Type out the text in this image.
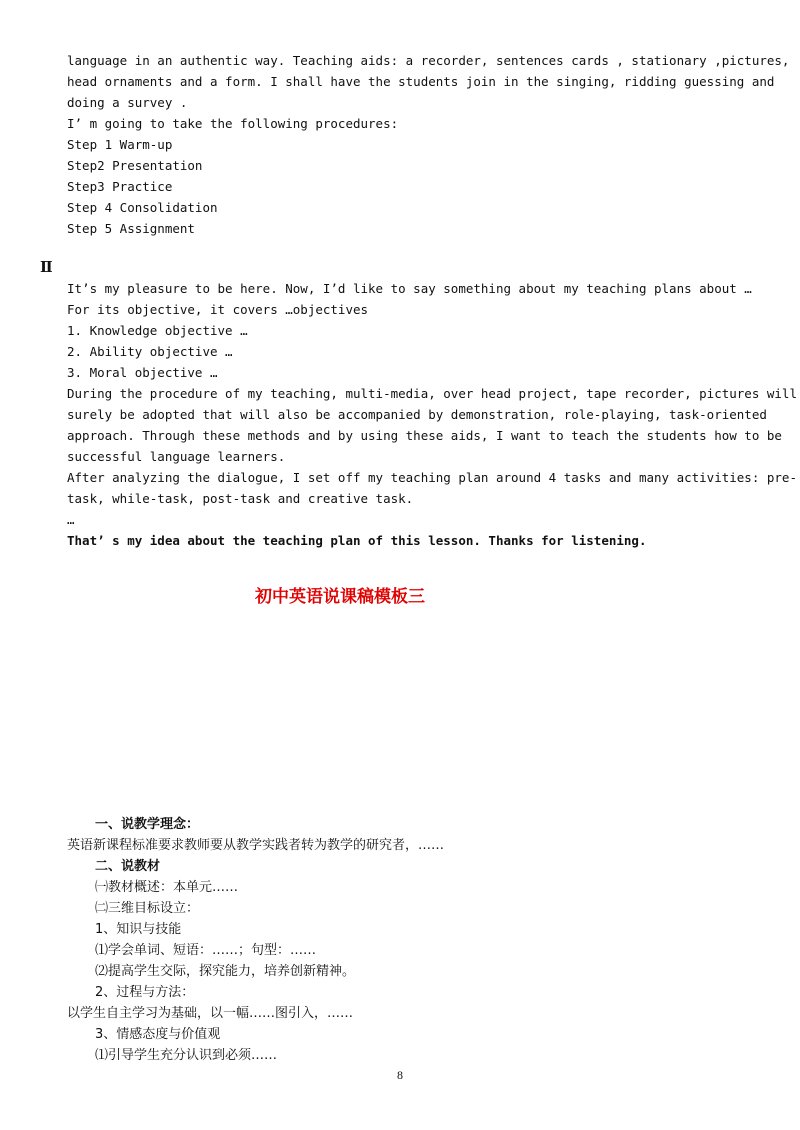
language in an authentic way. Teaching aids: a recorder, sentences cards , stationary ,pictures,

head ornaments and a form. I shall have the students join in the singing, ridding guessing and

doing a survey .

I’ m going to take the following procedures:

Step 1 Warm-up

Step2 Presentation

Step3 Practice

Step 4 Consolidation

Step 5 Assignment

Ⅱ

It’s my pleasure to be here. Now, I’d like to say something about my teaching plans about …

For its objective, it covers …objectives

1. Knowledge objective …

2. Ability objective …

3. Moral objective …

During the procedure of my teaching, multi-media, over head project, tape recorder, pictures will

surely be adopted that will also be accompanied by demonstration, role-playing, task-oriented

approach. Through these methods and by using these aids, I want to teach the students how to be

successful language learners.

After analyzing the dialogue, I set off my teaching plan around 4 tasks and many activities: pre-

task, while-task, post-task and creative task.

…

That’ s my idea about the teaching plan of this lesson. Thanks for listening.

初中英语说课稿模板三

一、说教学理念：

英语新课程标准要求教师要从教学实践者转为教学的研究者，……

二、说教材

㈠教材概述：本单元……

㈡三维目标设立：

1、知识与技能

⑴学会单词、短语：……；句型：……

⑵提高学生交际，探究能力，培养创新精神。

2、过程与方法：

以学生自主学习为基础，以一幅……图引入，……

3、情感态度与价值观

⑴引导学生充分认识到必须……

8
